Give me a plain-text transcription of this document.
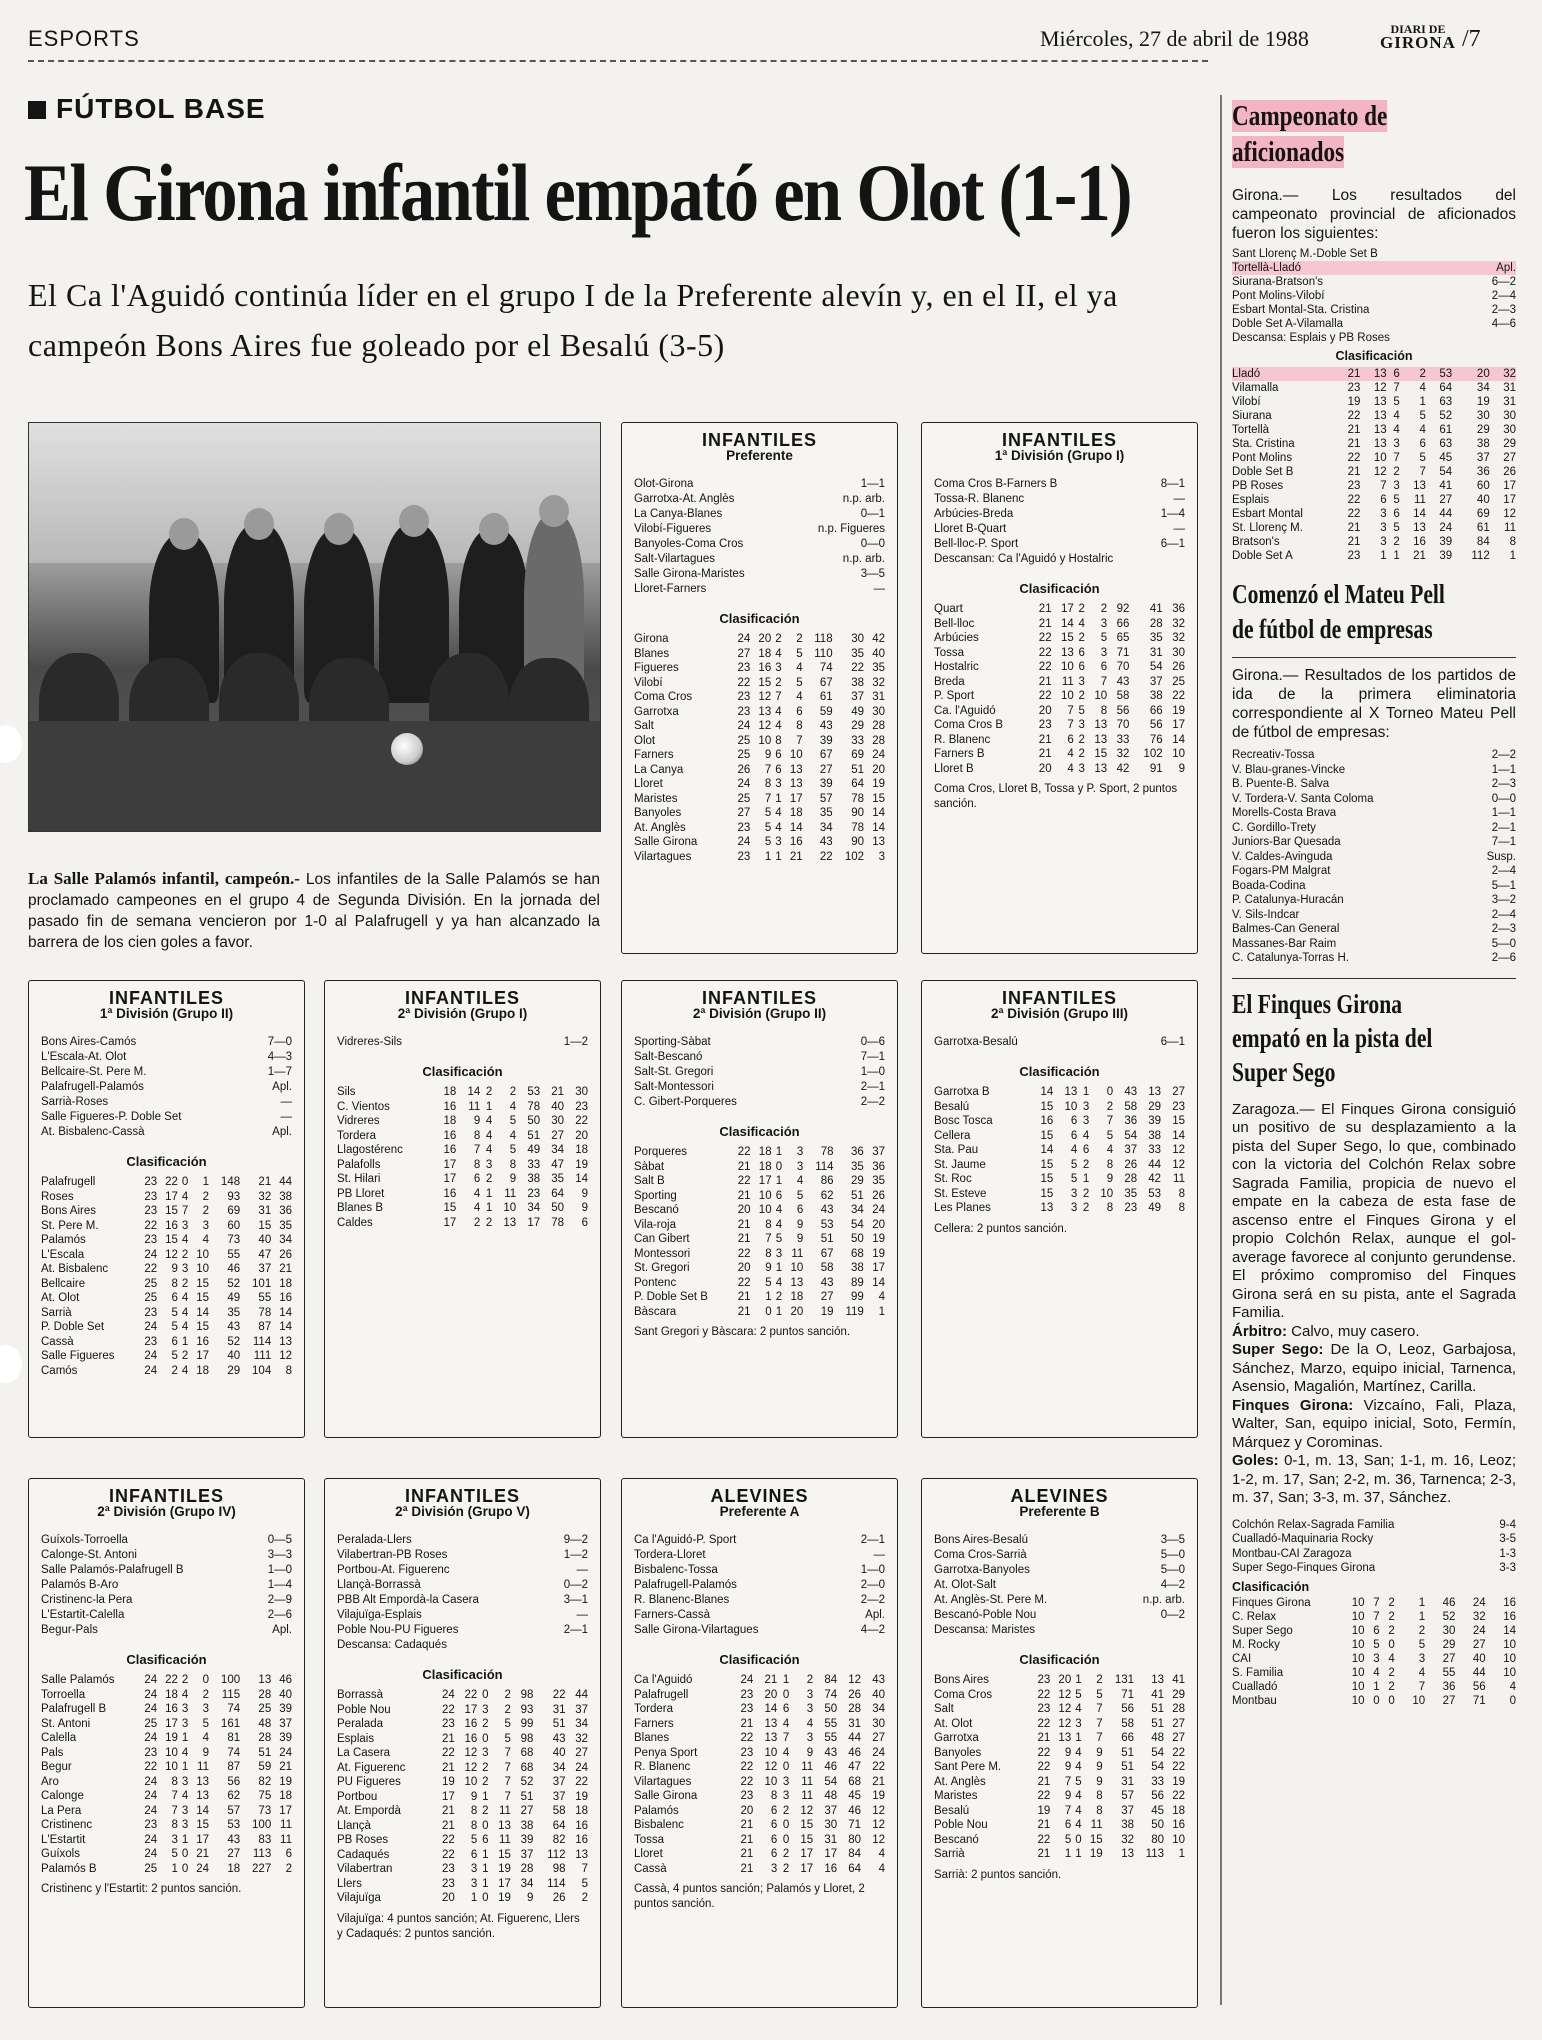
ESPORTS	Miércoles, 27 de abril de 1988	DIARI DE
GIRONA /7
FÚTBOL BASE
El Girona infantil empató en Olot (1-1)
El Ca l'Aguidó continúa líder en el grupo I de la Preferente alevín y, en el II, el ya campeón Bons Aires fue goleado por el Besalú (3-5)
La Salle Palamós infantil, campeón.- Los infantiles de la Salle Palamós se han proclamado campeones en el grupo 4 de Segunda División. En la jornada del pasado fin de semana vencieron por 1-0 al Palafrugell y ya han alcanzado la barrera de los cien goles a favor.
INFANTILES
Preferente
Olot-Girona	1—1
Garrotxa-At. Anglès	n.p. arb.
La Canya-Blanes	0—1
Vilobí-Figueres	n.p. Figueres
Banyoles-Coma Cros	0—0
Salt-Vilartagues	n.p. arb.
Salle Girona-Maristes	3—5
Lloret-Farners	—
Clasificación
Girona	24	20	2	2	118	30	42
Blanes	27	18	4	5	110	35	40
Figueres	23	16	3	4	74	22	35
Vilobí	22	15	2	5	67	38	32
Coma Cros	23	12	7	4	61	37	31
Garrotxa	23	13	4	6	59	49	30
Salt	24	12	4	8	43	29	28
Olot	25	10	8	7	39	33	28
Farners	25	9	6	10	67	69	24
La Canya	26	7	6	13	27	51	20
Lloret	24	8	3	13	39	64	19
Maristes	25	7	1	17	57	78	15
Banyoles	27	5	4	18	35	90	14
At. Anglès	23	5	4	14	34	78	14
Salle Girona	24	5	3	16	43	90	13
Vilartagues	23	1	1	21	22	102	3
INFANTILES
1ª División (Grupo I)
Coma Cros B-Farners B	8—1
Tossa-R. Blanenc	—
Arbúcies-Breda	1—4
Lloret B-Quart	—
Bell-lloc-P. Sport	6—1
Descansan: Ca l'Aguidó y Hostalric
Clasificación
Quart	21	17	2	2	92	41	36
Bell-lloc	21	14	4	3	66	28	32
Arbúcies	22	15	2	5	65	35	32
Tossa	22	13	6	3	71	31	30
Hostalric	22	10	6	6	70	54	26
Breda	21	11	3	7	43	37	25
P. Sport	22	10	2	10	58	38	22
Ca. l'Aguidó	20	7	5	8	56	66	19
Coma Cros B	23	7	3	13	70	56	17
R. Blanenc	21	6	2	13	33	76	14
Farners B	21	4	2	15	32	102	10
Lloret B	20	4	3	13	42	91	9
Coma Cros, Lloret B, Tossa y P. Sport, 2 puntos sanción.
INFANTILES
1ª División (Grupo II)
Bons Aires-Camós	7—0
L'Escala-At. Olot	4—3
Bellcaire-St. Pere M.	1—7
Palafrugell-Palamós	Apl.
Sarrià-Roses	—
Salle Figueres-P. Doble Set	—
At. Bisbalenc-Cassà	Apl.
Clasificación
Palafrugell	23	22	0	1	148	21	44
Roses	23	17	4	2	93	32	38
Bons Aires	23	15	7	2	69	31	36
St. Pere M.	22	16	3	3	60	15	35
Palamós	23	15	4	4	73	40	34
L'Escala	24	12	2	10	55	47	26
At. Bisbalenc	22	9	3	10	46	37	21
Bellcaire	25	8	2	15	52	101	18
At. Olot	25	6	4	15	49	55	16
Sarrià	23	5	4	14	35	78	14
P. Doble Set	24	5	4	15	43	87	14
Cassà	23	6	1	16	52	114	13
Salle Figueres	24	5	2	17	40	111	12
Camós	24	2	4	18	29	104	8
INFANTILES
2ª División (Grupo I)
Vidreres-Sils	1—2
Clasificación
Sils	18	14	2	2	53	21	30
C. Vientos	16	11	1	4	78	40	23
Vidreres	18	9	4	5	50	30	22
Tordera	16	8	4	4	51	27	20
Llagostérenc	16	7	4	5	49	34	18
Palafolls	17	8	3	8	33	47	19
St. Hilari	17	6	2	9	38	35	14
PB Lloret	16	4	1	11	23	64	9
Blanes B	15	4	1	10	34	50	9
Caldes	17	2	2	13	17	78	6
INFANTILES
2ª División (Grupo II)
Sporting-Sàbat	0—6
Salt-Bescanó	7—1
Salt-St. Gregori	1—0
Salt-Montessori	2—1
C. Gibert-Porqueres	2—2
Clasificación
Porqueres	22	18	1	3	78	36	37
Sàbat	21	18	0	3	114	35	36
Salt B	22	17	1	4	86	29	35
Sporting	21	10	6	5	62	51	26
Bescanó	20	10	4	6	43	34	24
Vila-roja	21	8	4	9	53	54	20
Can Gibert	21	7	5	9	51	50	19
Montessori	22	8	3	11	67	68	19
St. Gregori	20	9	1	10	58	38	17
Pontenc	22	5	4	13	43	89	14
P. Doble Set B	21	1	2	18	27	99	4
Bàscara	21	0	1	20	19	119	1
Sant Gregori y Bàscara: 2 puntos sanción.
INFANTILES
2ª División (Grupo III)
Garrotxa-Besalú	6—1
Clasificación
Garrotxa B	14	13	1	0	43	13	27
Besalú	15	10	3	2	58	29	23
Bosc Tosca	16	6	3	7	36	39	15
Cellera	15	6	4	5	54	38	14
Sta. Pau	14	4	6	4	37	33	12
St. Jaume	15	5	2	8	26	44	12
St. Roc	15	5	1	9	28	42	11
St. Esteve	15	3	2	10	35	53	8
Les Planes	13	3	2	8	23	49	8
Cellera: 2 puntos sanción.
INFANTILES
2ª División (Grupo IV)
Guíxols-Torroella	0—5
Calonge-St. Antoni	3—3
Salle Palamós-Palafrugell B	1—0
Palamós B-Aro	1—4
Cristinenc-la Pera	2—9
L'Estartit-Calella	2—6
Begur-Pals	Apl.
Clasificación
Salle Palamós	24	22	2	0	100	13	46
Torroella	24	18	4	2	115	28	40
Palafrugell B	24	16	3	3	74	25	39
St. Antoni	25	17	3	5	161	48	37
Calella	24	19	1	4	81	28	39
Pals	23	10	4	9	74	51	24
Begur	22	10	1	11	87	59	21
Aro	24	8	3	13	56	82	19
Calonge	24	7	4	13	62	75	18
La Pera	24	7	3	14	57	73	17
Cristinenc	23	8	3	15	53	100	11
L'Estartit	24	3	1	17	43	83	11
Guíxols	24	5	0	21	27	113	6
Palamós B	25	1	0	24	18	227	2
Cristinenc y l'Estartit: 2 puntos sanción.
INFANTILES
2ª División (Grupo V)
Peralada-Llers	9—2
Vilabertran-PB Roses	1—2
Portbou-At. Figuerenc	—
Llançà-Borrassà	0—2
PBB Alt Empordà-la Casera	3—1
Vilajuïga-Esplais	—
Poble Nou-PU Figueres	2—1
Descansa: Cadaqués
Clasificación
Borrassà	24	22	0	2	98	22	44
Poble Nou	22	17	3	2	93	31	37
Peralada	23	16	2	5	99	51	34
Esplais	21	16	0	5	98	43	32
La Casera	22	12	3	7	68	40	27
At. Figuerenc	21	12	2	7	68	34	24
PU Figueres	19	10	2	7	52	37	22
Portbou	17	9	1	7	51	37	19
At. Empordà	21	8	2	11	27	58	18
Llançà	21	8	0	13	38	64	16
PB Roses	22	5	6	11	39	82	16
Cadaqués	22	6	1	15	37	112	13
Vilabertran	23	3	1	19	28	98	7
Llers	23	3	1	17	34	114	5
Vilajuïga	20	1	0	19	9	26	2
Vilajuïga: 4 puntos sanción; At. Figuerenc, Llers y Cadaqués: 2 puntos sanción.
ALEVINES
Preferente A
Ca l'Aguidó-P. Sport	2—1
Tordera-Lloret	—
Bisbalenc-Tossa	1—0
Palafrugell-Palamós	2—0
R. Blanenc-Blanes	2—2
Farners-Cassà	Apl.
Salle Girona-Vilartagues	4—2
Clasificación
Ca l'Aguidó	24	21	1	2	84	12	43
Palafrugell	23	20	0	3	74	26	40
Tordera	23	14	6	3	50	28	34
Farners	21	13	4	4	55	31	30
Blanes	22	13	7	3	55	44	27
Penya Sport	23	10	4	9	43	46	24
R. Blanenc	22	12	0	11	46	47	22
Vilartagues	22	10	3	11	54	68	21
Salle Girona	23	8	3	11	48	45	19
Palamós	20	6	2	12	37	46	12
Bisbalenc	21	6	0	15	30	71	12
Tossa	21	6	0	15	31	80	12
Lloret	21	6	2	17	17	84	4
Cassà	21	3	2	17	16	64	4
Cassà, 4 puntos sanción; Palamós y Lloret, 2 puntos sanción.
ALEVINES
Preferente B
Bons Aires-Besalú	3—5
Coma Cros-Sarrià	5—0
Garrotxa-Banyoles	5—0
At. Olot-Salt	4—2
At. Anglès-St. Pere M.	n.p. arb.
Bescanó-Poble Nou	0—2
Descansa: Maristes
Clasificación
Bons Aires	23	20	1	2	131	13	41
Coma Cros	22	12	5	5	71	41	29
Salt	23	12	4	7	56	51	28
At. Olot	22	12	3	7	58	51	27
Garrotxa	21	13	1	7	66	48	27
Banyoles	22	9	4	9	51	54	22
Sant Pere M.	22	9	4	9	51	54	22
At. Anglès	21	7	5	9	31	33	19
Maristes	22	9	4	8	57	56	22
Besalú	19	7	4	8	37	45	18
Poble Nou	21	6	4	11	38	50	16
Bescanó	22	5	0	15	32	80	10
Sarrià	21	1	1	19	13	113	1
Sarrià: 2 puntos sanción.
Campeonato de
aficionados
Girona.— Los resultados del campeonato provincial de aficionados fueron los siguientes:
Sant Llorenç M.-Doble Set B
Tortellà-Lladó	Apl.
Siurana-Bratson's	6—2
Pont Molins-Vilobí	2—4
Esbart Montal-Sta. Cristina	2—3
Doble Set A-Vilamalla	4—6
Descansa: Esplais y PB Roses
Clasificación
Lladó	21	13	6	2	53	20	32
Vilamalla	23	12	7	4	64	34	31
Vilobí	19	13	5	1	63	19	31
Siurana	22	13	4	5	52	30	30
Tortellà	21	13	4	4	61	29	30
Sta. Cristina	21	13	3	6	63	38	29
Pont Molins	22	10	7	5	45	37	27
Doble Set B	21	12	2	7	54	36	26
PB Roses	23	7	3	13	41	60	17
Esplais	22	6	5	11	27	40	17
Esbart Montal	22	3	6	14	44	69	12
St. Llorenç M.	21	3	5	13	24	61	11
Bratson's	21	3	2	16	39	84	8
Doble Set A	23	1	1	21	39	112	1
Comenzó el Mateu Pell
de fútbol de empresas
Girona.— Resultados de los partidos de ida de la primera eliminatoria correspondiente al X Torneo Mateu Pell de fútbol de empresas:
Recreativ-Tossa	2—2
V. Blau-granes-Vincke	1—1
B. Puente-B. Salva	2—3
V. Tordera-V. Santa Coloma	0—0
Morells-Costa Brava	1—1
C. Gordillo-Trety	2—1
Juniors-Bar Quesada	7—1
V. Caldes-Avinguda	Susp.
Fogars-PM Malgrat	2—4
Boada-Codina	5—1
P. Catalunya-Huracán	3—2
V. Sils-Indcar	2—4
Balmes-Can General	2—3
Massanes-Bar Raim	5—0
C. Catalunya-Torras H.	2—6
El Finques Girona
empató en la pista del
Super Sego
Zaragoza.— El Finques Girona consiguió un positivo de su desplazamiento a la pista del Super Sego, lo que, combinado con la victoria del Colchón Relax sobre Sagrada Familia, propicia de nuevo el empate en la cabeza de esta fase de ascenso entre el Finques Girona y el propio Colchón Relax, aunque el gol-average favorece al conjunto gerundense. El próximo compromiso del Finques Girona será en su pista, ante el Sagrada Familia.
Árbitro: Calvo, muy casero.
Super Sego: De la O, Leoz, Garbajosa, Sánchez, Marzo, equipo inicial, Tarnenca, Asensio, Magalión, Martínez, Carilla.
Finques Girona: Vizcaíno, Fali, Plaza, Walter, San, equipo inicial, Soto, Fermín, Márquez y Corominas.
Goles: 0-1, m. 13, San; 1-1, m. 16, Leoz; 1-2, m. 17, San; 2-2, m. 36, Tarnenca; 2-3, m. 37, San; 3-3, m. 37, Sánchez.
Colchón Relax-Sagrada Familia	9-4
Cualladó-Maquinaria Rocky	3-5
Montbau-CAI Zaragoza	1-3
Super Sego-Finques Girona	3-3
Clasificación
Finques Girona	10	7	2	1	46	24	16
C. Relax	10	7	2	1	52	32	16
Super Sego	10	6	2	2	30	24	14
M. Rocky	10	5	0	5	29	27	10
CAI	10	3	4	3	27	40	10
S. Familia	10	4	2	4	55	44	10
Cualladó	10	1	2	7	36	56	4
Montbau	10	0	0	10	27	71	0
